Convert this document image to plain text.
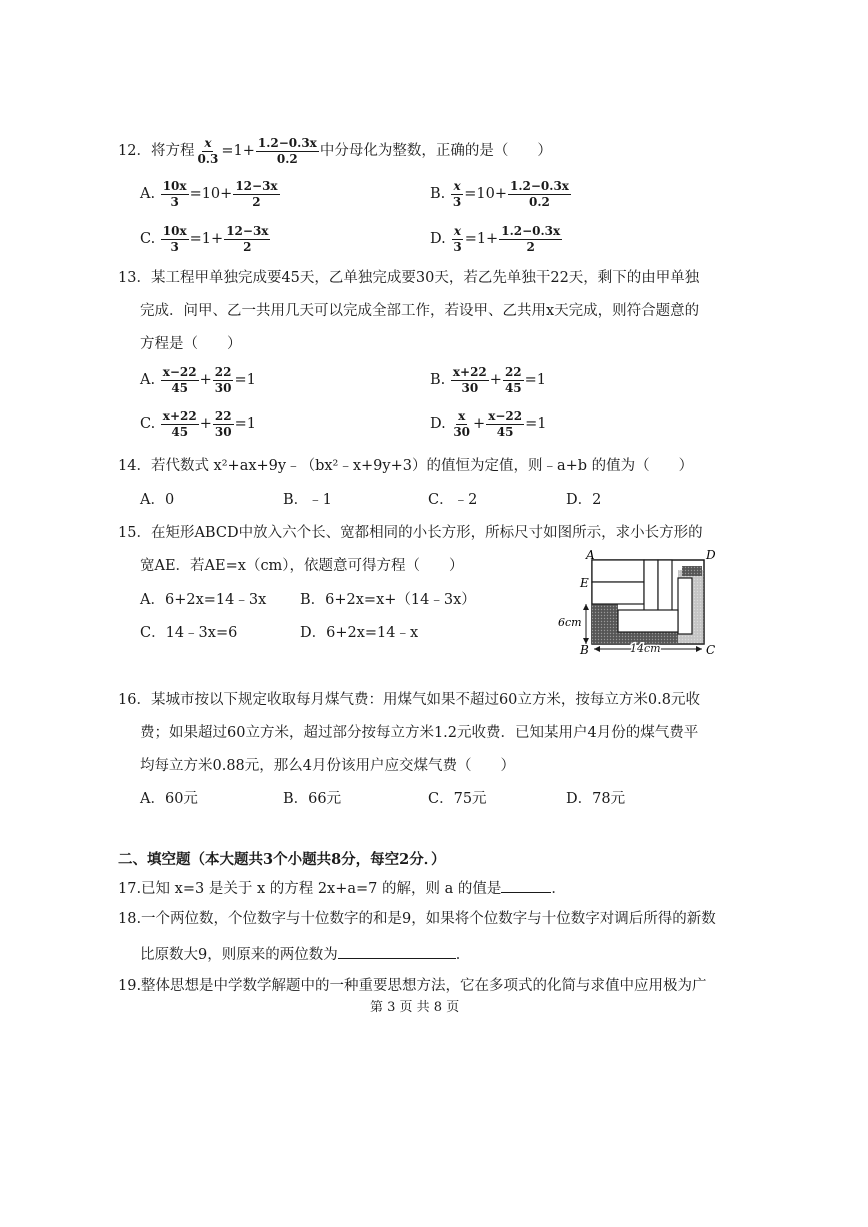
12．将方程 $\frac{x}{0.3} =1+ \frac{1.2-0.3x}{0.2}$ 中分母化为整数，正确的是（　　）
A. $\frac{10x}{3} =10+ \frac{12-3x}{2}$	B. $\frac{x}{3} =10+ \frac{1.2-0.3x}{0.2}$
C. $\frac{10x}{3} =1+ \frac{12-3x}{2}$	D. $\frac{x}{3} =1+ \frac{1.2-0.3x}{2}$
13．某工程甲单独完成要45天，乙单独完成要30天，若乙先单独干22天，剩下的由甲单独
完成．问甲、乙一共用几天可以完成全部工作，若设甲、乙共用x天完成，则符合题意的
方程是（　　）
A. $\frac{x-22}{45} + \frac{22}{30} =1$	B. $\frac{x+22}{30} + \frac{22}{45} =1$
C. $\frac{x+22}{45} + \frac{22}{30} =1$	D. $\frac{x}{30} + \frac{x-22}{45} =1$
14．若代数式 x²+ax+9y﹣（bx²﹣x+9y+3）的值恒为定值，则﹣a+b 的值为（　　）
A．0	B．﹣1	C．﹣2	D．2
15．在矩形ABCD中放入六个长、宽都相同的小长方形，所标尺寸如图所示，求小长方形的
宽AE．若AE=x（cm），依题意可得方程（　　）
A．6+2x=14﹣3x B．6+2x=x+（14﹣3x）
C．14﹣3x=6	D．6+2x=14﹣x
A	D
E
B	C
6cm
14cm
16．某城市按以下规定收取每月煤气费：用煤气如果不超过60立方米，按每立方米0.8元收
费；如果超过60立方米，超过部分按每立方米1.2元收费．已知某用户4月份的煤气费平
均每立方米0.88元，那么4月份该用户应交煤气费（　　）
A．60元	B．66元	C．75元	D．78元
二、填空题（本大题共3个小题共8分，每空2分．）
17.已知 x=3 是关于 x 的方程 2x+a=7 的解，则 a 的值是	．
18.一个两位数，个位数字与十位数字的和是9，如果将个位数字与十位数字对调后所得的新数
比原数大9，则原来的两位数为	．
19.整体思想是中学数学解题中的一种重要思想方法，它在多项式的化简与求值中应用极为广
第 3 页 共 8 页
